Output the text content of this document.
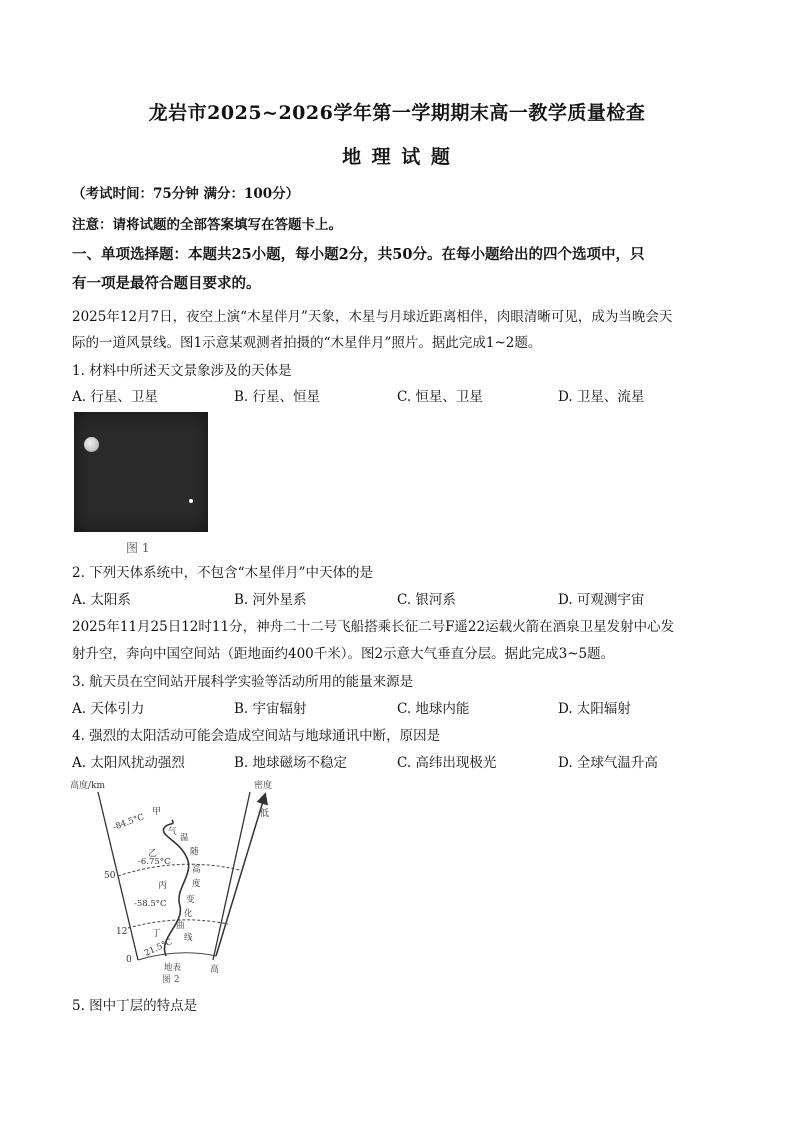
龙岩市2025~2026学年第一学期期末高一教学质量检查
地 理 试 题
（考试时间：75分钟 满分：100分）
注意：请将试题的全部答案填写在答题卡上。
一、单项选择题：本题共25小题，每小题2分，共50分。在每小题给出的四个选项中，只
有一项是最符合题目要求的。
2025年12月7日，夜空上演“木星伴月”天象，木星与月球近距离相伴，肉眼清晰可见，成为当晚会天
际的一道风景线。图1示意某观测者拍摄的“木星伴月”照片。据此完成1~2题。
1. 材料中所述天文景象涉及的天体是
A. 行星、卫星	B. 行星、恒星	C. 恒星、卫星	D. 卫星、流星
图 1
2. 下列天体系统中，不包含“木星伴月”中天体的是
A. 太阳系	B. 河外星系	C. 银河系	D. 可观测宇宙
2025年11月25日12时11分，神舟二十二号飞船搭乘长征二号F遥22运载火箭在酒泉卫星发射中心发
射升空，奔向中国空间站（距地面约400千米）。图2示意大气垂直分层。据此完成3~5题。
3. 航天员在空间站开展科学实验等活动所用的能量来源是
A. 天体引力	B. 宇宙辐射	C. 地球内能	D. 太阳辐射
4. 强烈的太阳活动可能会造成空间站与地球通讯中断，原因是
A. 太阳风扰动强烈	B. 地球磁场不稳定	C. 高纬出现极光	D. 全球气温升高
高度/km	密度
低
高
50
12
0
-84.5°C
-6.75°C
-58.5°C
21.5°C
甲
乙
丙
丁
气
温
随
高
度
变
化
曲
线
地表
图 2
5. 图中丁层的特点是
